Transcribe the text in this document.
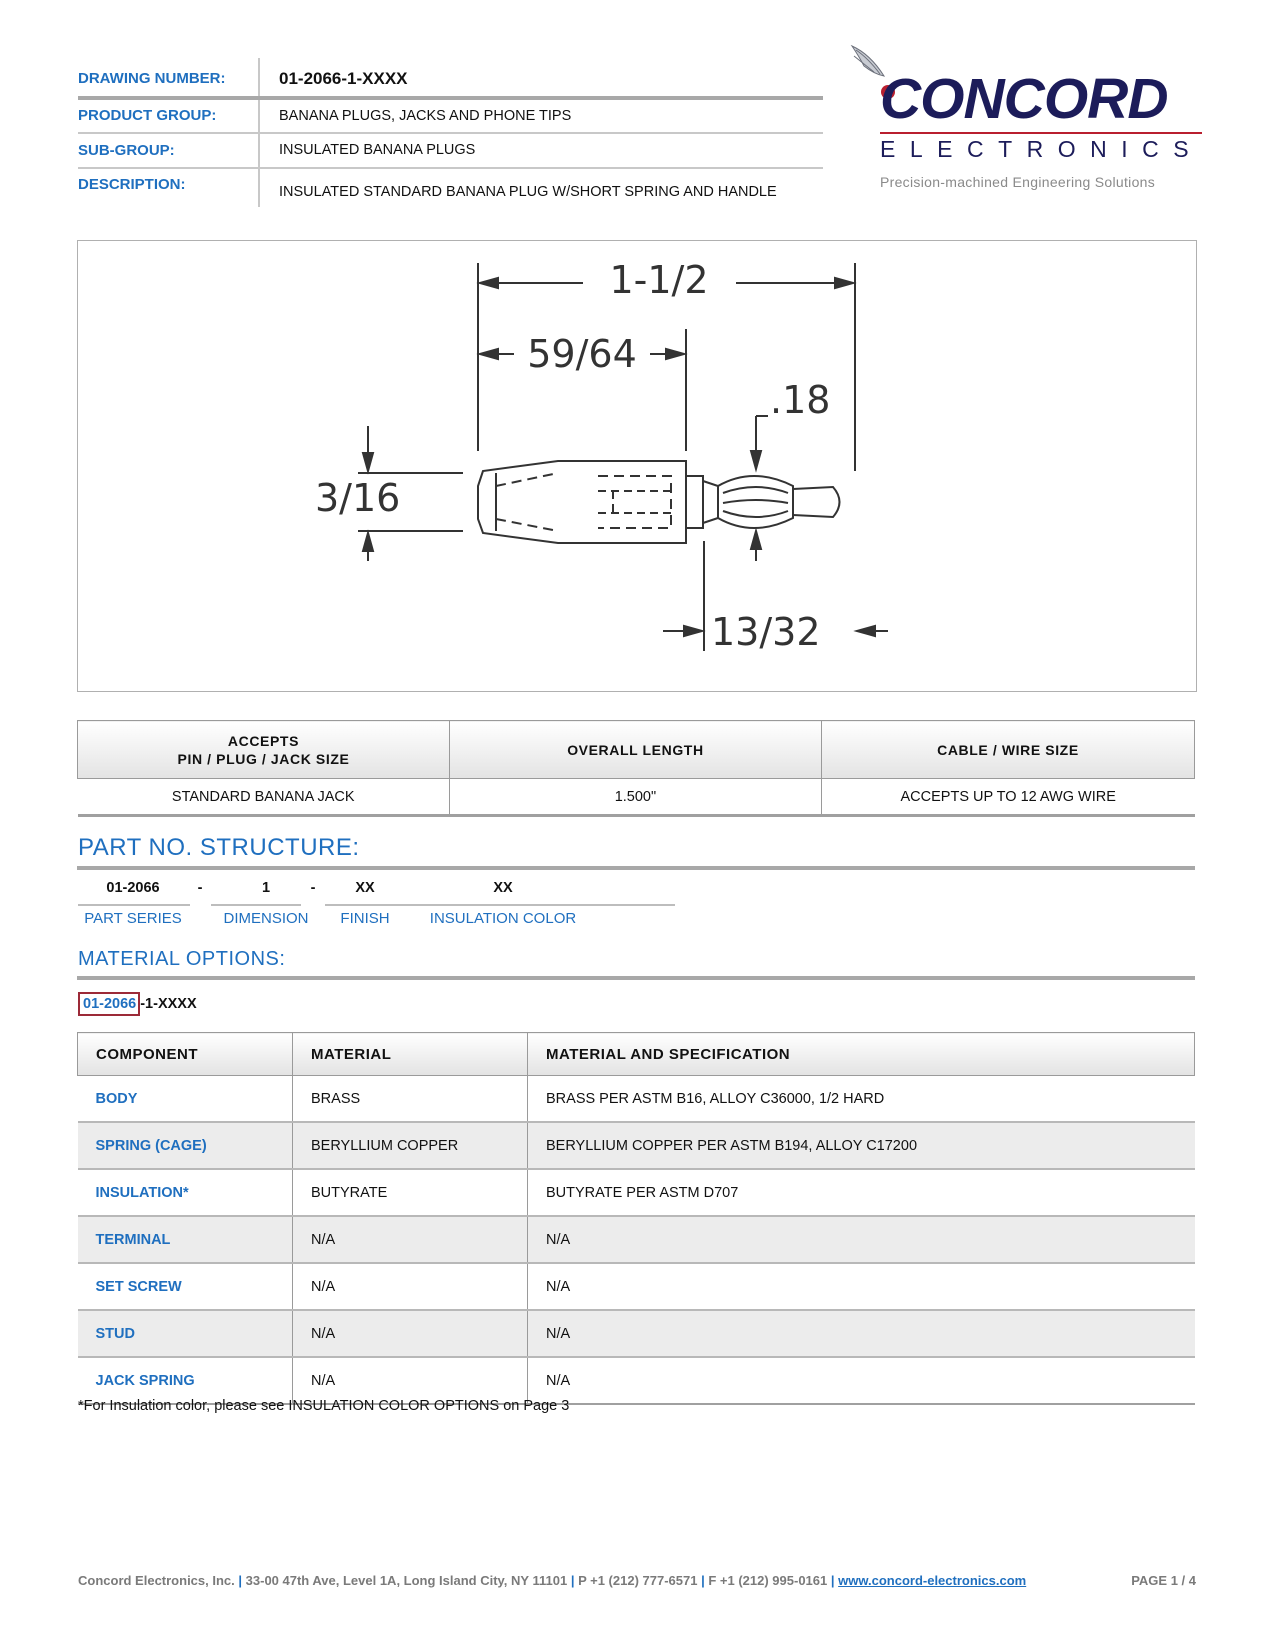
DRAWING NUMBER:	01-2066-1-XXXX
PRODUCT GROUP:	BANANA PLUGS, JACKS AND PHONE TIPS
SUB-GROUP:	INSULATED BANANA PLUGS
DESCRIPTION:	INSULATED STANDARD BANANA PLUG W/SHORT SPRING AND HANDLE
CONCORD
ELECTRONICS
Precision-machined Engineering Solutions
1-1/2
59/64
.18
3/16
13/32
ACCEPTS
PIN / PLUG / JACK SIZE	OVERALL LENGTH	CABLE / WIRE SIZE
STANDARD BANANA JACK	1.500"	ACCEPTS UP TO 12 AWG WIRE
PART NO. STRUCTURE:
01-2066	-	1	-	XX	XX
PART SERIES	DIMENSION	FINISH	INSULATION COLOR
MATERIAL OPTIONS:
01-2066 -1-XXXX
COMPONENT	MATERIAL	MATERIAL AND SPECIFICATION
BODY	BRASS	BRASS PER ASTM B16, ALLOY C36000, 1/2 HARD
SPRING (CAGE)	BERYLLIUM COPPER	BERYLLIUM COPPER PER ASTM B194, ALLOY C17200
INSULATION*	BUTYRATE	BUTYRATE PER ASTM D707
TERMINAL	N/A	N/A
SET SCREW	N/A	N/A
STUD	N/A	N/A
JACK SPRING	N/A	N/A
*For Insulation color, please see INSULATION COLOR OPTIONS on Page 3
Concord Electronics, Inc. | 33-00 47th Ave, Level 1A, Long Island City, NY 11101 | P +1 (212) 777-6571 | F +1 (212) 995-0161 | www.concord-electronics.com	PAGE 1 / 4
